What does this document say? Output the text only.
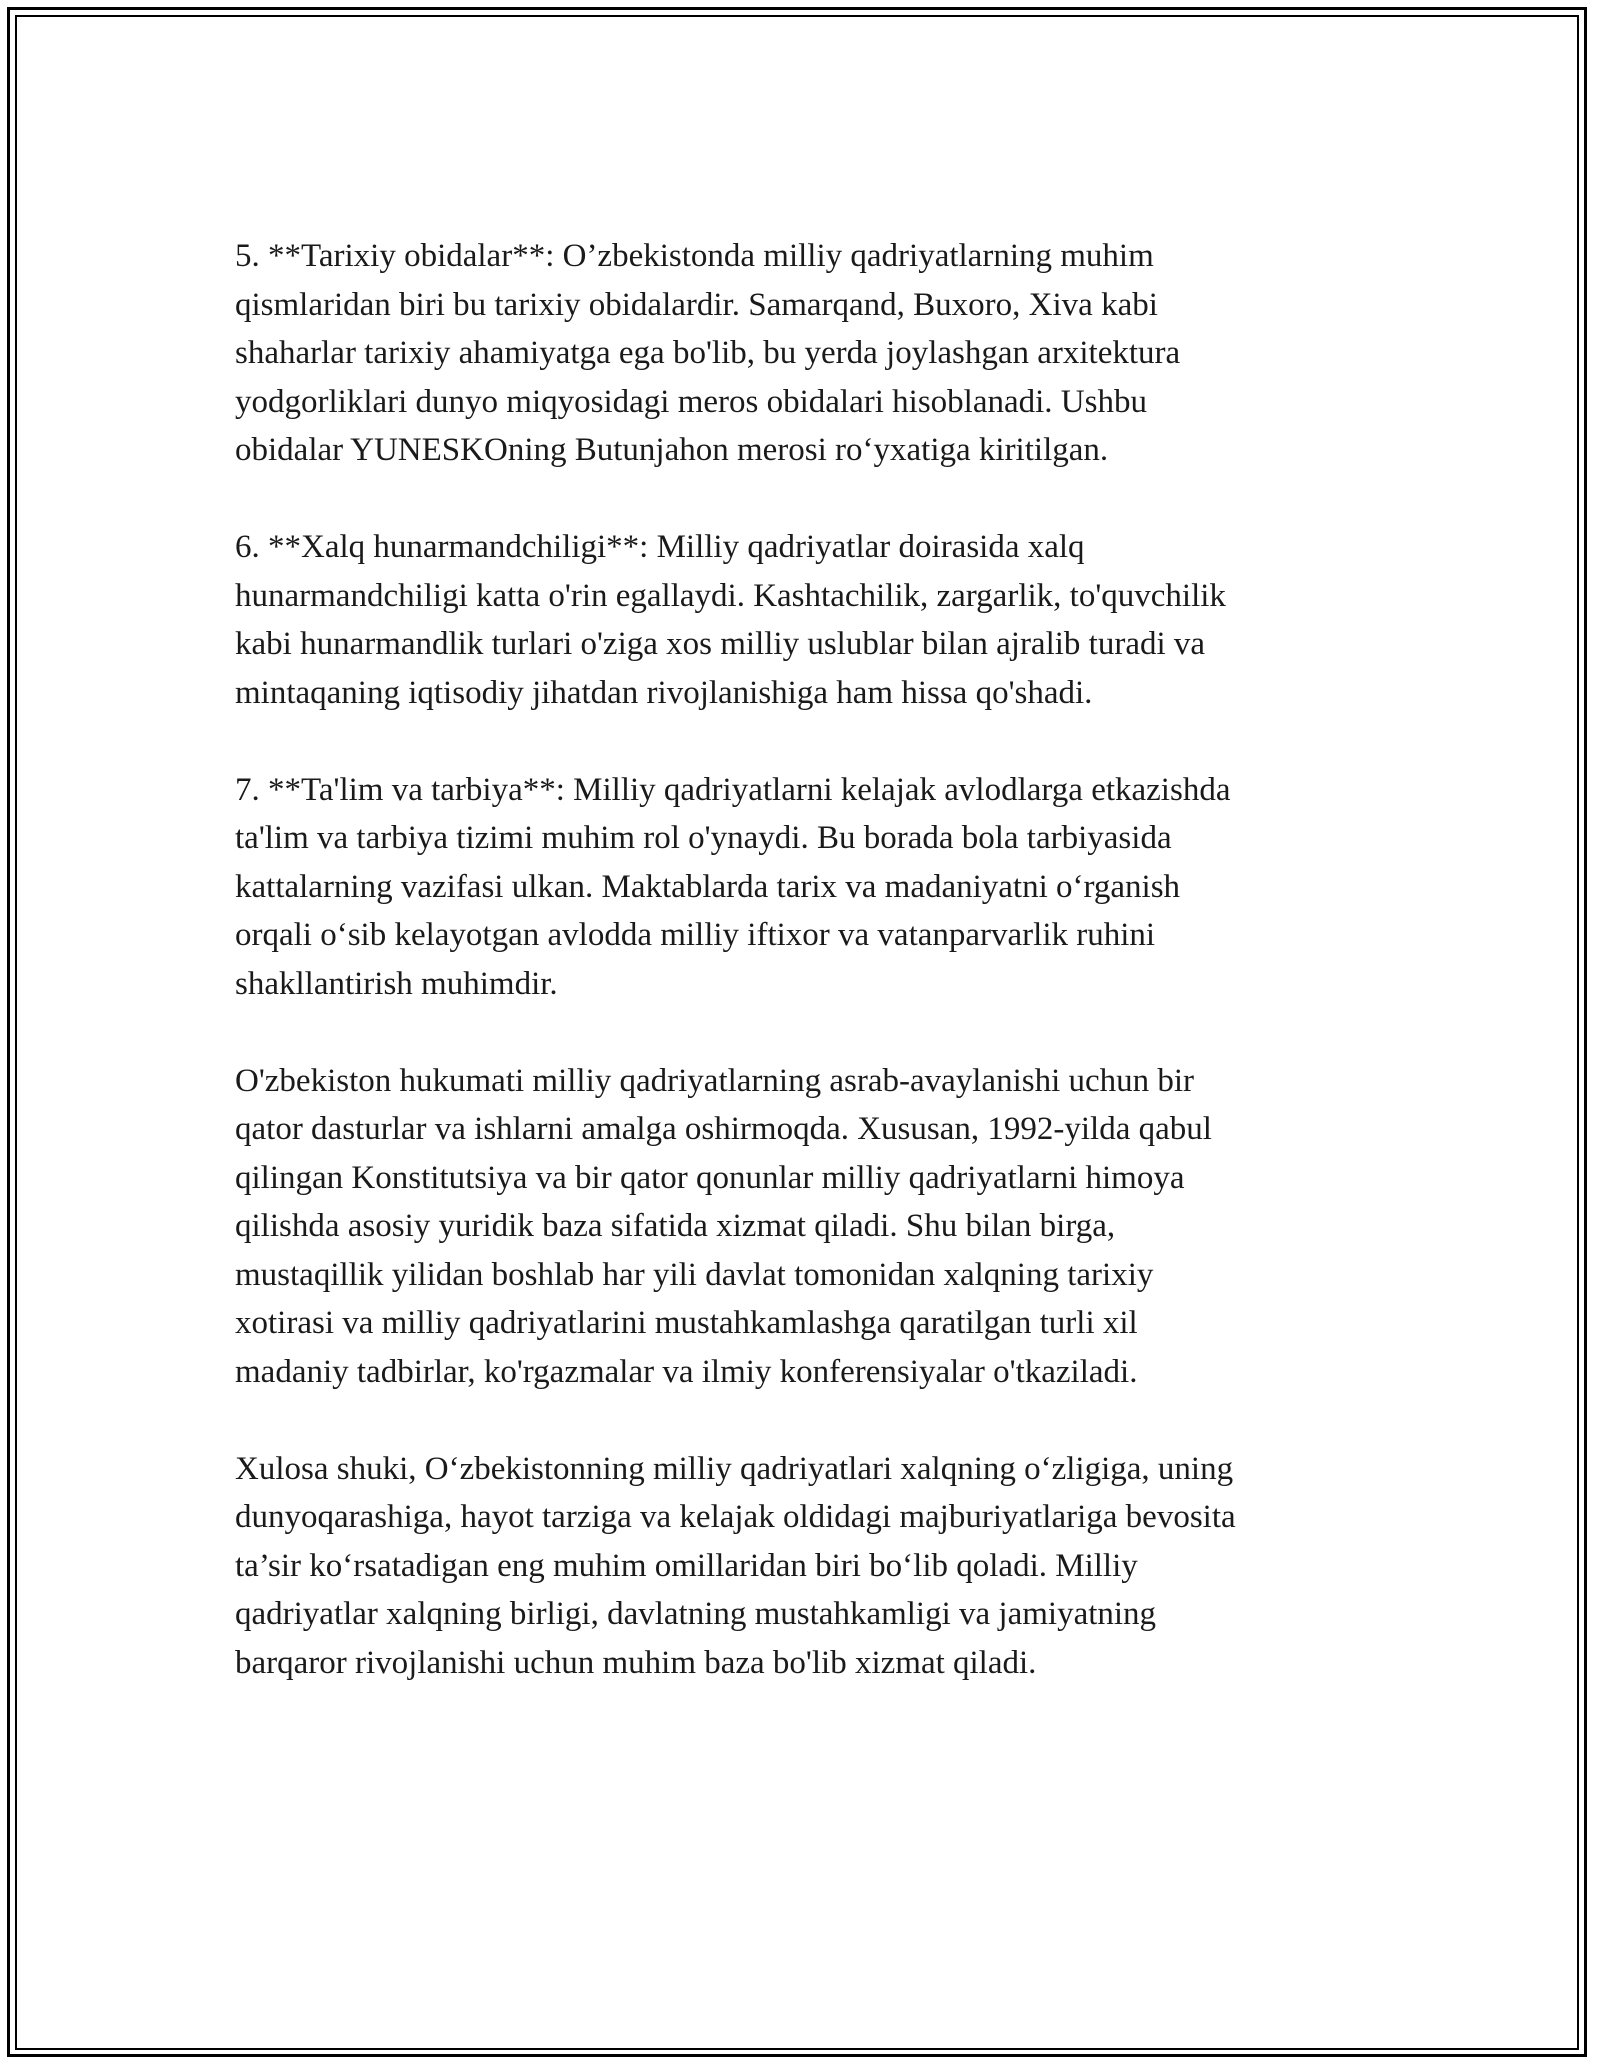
5. **Tarixiy obidalar**: O’zbekistonda milliy qadriyatlarning muhim
qismlaridan biri bu tarixiy obidalardir. Samarqand, Buxoro, Xiva kabi
shaharlar tarixiy ahamiyatga ega bo'lib, bu yerda joylashgan arxitektura
yodgorliklari dunyo miqyosidagi meros obidalari hisoblanadi. Ushbu
obidalar YUNESKOning Butunjahon merosi ro‘yxatiga kiritilgan.

6. **Xalq hunarmandchiligi**: Milliy qadriyatlar doirasida xalq
hunarmandchiligi katta o'rin egallaydi. Kashtachilik, zargarlik, to'quvchilik
kabi hunarmandlik turlari o'ziga xos milliy uslublar bilan ajralib turadi va
mintaqaning iqtisodiy jihatdan rivojlanishiga ham hissa qo'shadi.

7. **Ta'lim va tarbiya**: Milliy qadriyatlarni kelajak avlodlarga etkazishda
ta'lim va tarbiya tizimi muhim rol o'ynaydi. Bu borada bola tarbiyasida
kattalarning vazifasi ulkan. Maktablarda tarix va madaniyatni o‘rganish
orqali o‘sib kelayotgan avlodda milliy iftixor va vatanparvarlik ruhini
shakllantirish muhimdir.

O'zbekiston hukumati milliy qadriyatlarning asrab-avaylanishi uchun bir
qator dasturlar va ishlarni amalga oshirmoqda. Xususan, 1992-yilda qabul
qilingan Konstitutsiya va bir qator qonunlar milliy qadriyatlarni himoya
qilishda asosiy yuridik baza sifatida xizmat qiladi. Shu bilan birga,
mustaqillik yilidan boshlab har yili davlat tomonidan xalqning tarixiy
xotirasi va milliy qadriyatlarini mustahkamlashga qaratilgan turli xil
madaniy tadbirlar, ko'rgazmalar va ilmiy konferensiyalar o'tkaziladi.

Xulosa shuki, O‘zbekistonning milliy qadriyatlari xalqning o‘zligiga, uning
dunyoqarashiga, hayot tarziga va kelajak oldidagi majburiyatlariga bevosita
ta’sir ko‘rsatadigan eng muhim omillaridan biri bo‘lib qoladi. Milliy
qadriyatlar xalqning birligi, davlatning mustahkamligi va jamiyatning
barqaror rivojlanishi uchun muhim baza bo'lib xizmat qiladi.
